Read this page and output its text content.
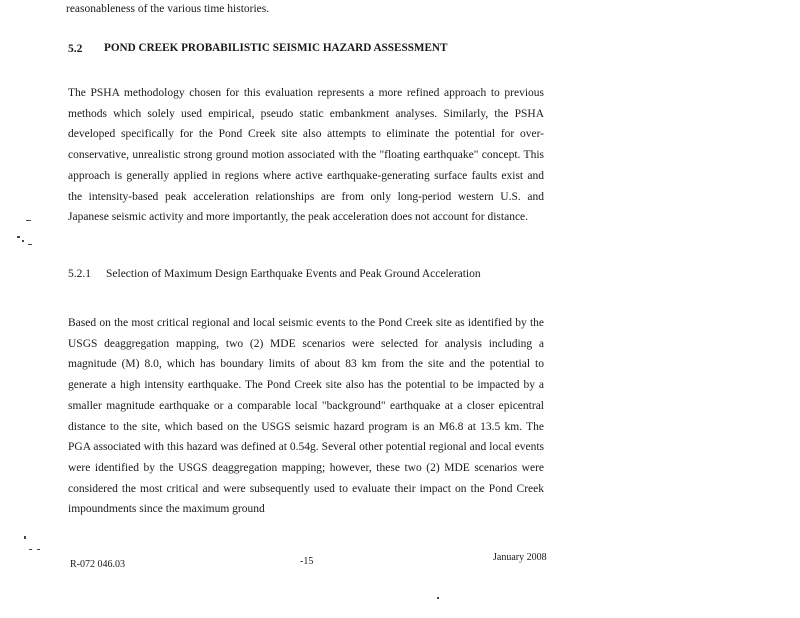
reasonableness of the various time histories.
5.2 POND CREEK PROBABILISTIC SEISMIC HAZARD ASSESSMENT
The PSHA methodology chosen for this evaluation represents a more refined approach to previous methods which solely used empirical, pseudo static embankment analyses. Similarly, the PSHA developed specifically for the Pond Creek site also attempts to eliminate the potential for over-conservative, unrealistic strong ground motion associated with the "floating earthquake" concept. This approach is generally applied in regions where active earthquake-generating surface faults exist and the intensity-based peak acceleration relationships are from only long-period western U.S. and Japanese seismic activity and more importantly, the peak acceleration does not account for distance.
5.2.1 Selection of Maximum Design Earthquake Events and Peak Ground Acceleration
Based on the most critical regional and local seismic events to the Pond Creek site as identified by the USGS deaggregation mapping, two (2) MDE scenarios were selected for analysis including a magnitude (M) 8.0, which has boundary limits of about 83 km from the site and the potential to generate a high intensity earthquake. The Pond Creek site also has the potential to be impacted by a smaller magnitude earthquake or a comparable local "background" earthquake at a closer epicentral distance to the site, which based on the USGS seismic hazard program is an M6.8 at 13.5 km. The PGA associated with this hazard was defined at 0.54g. Several other potential regional and local events were identified by the USGS deaggregation mapping; however, these two (2) MDE scenarios were considered the most critical and were subsequently used to evaluate their impact on the Pond Creek impoundments since the maximum ground
R-072 046.03	-15	January 2008
